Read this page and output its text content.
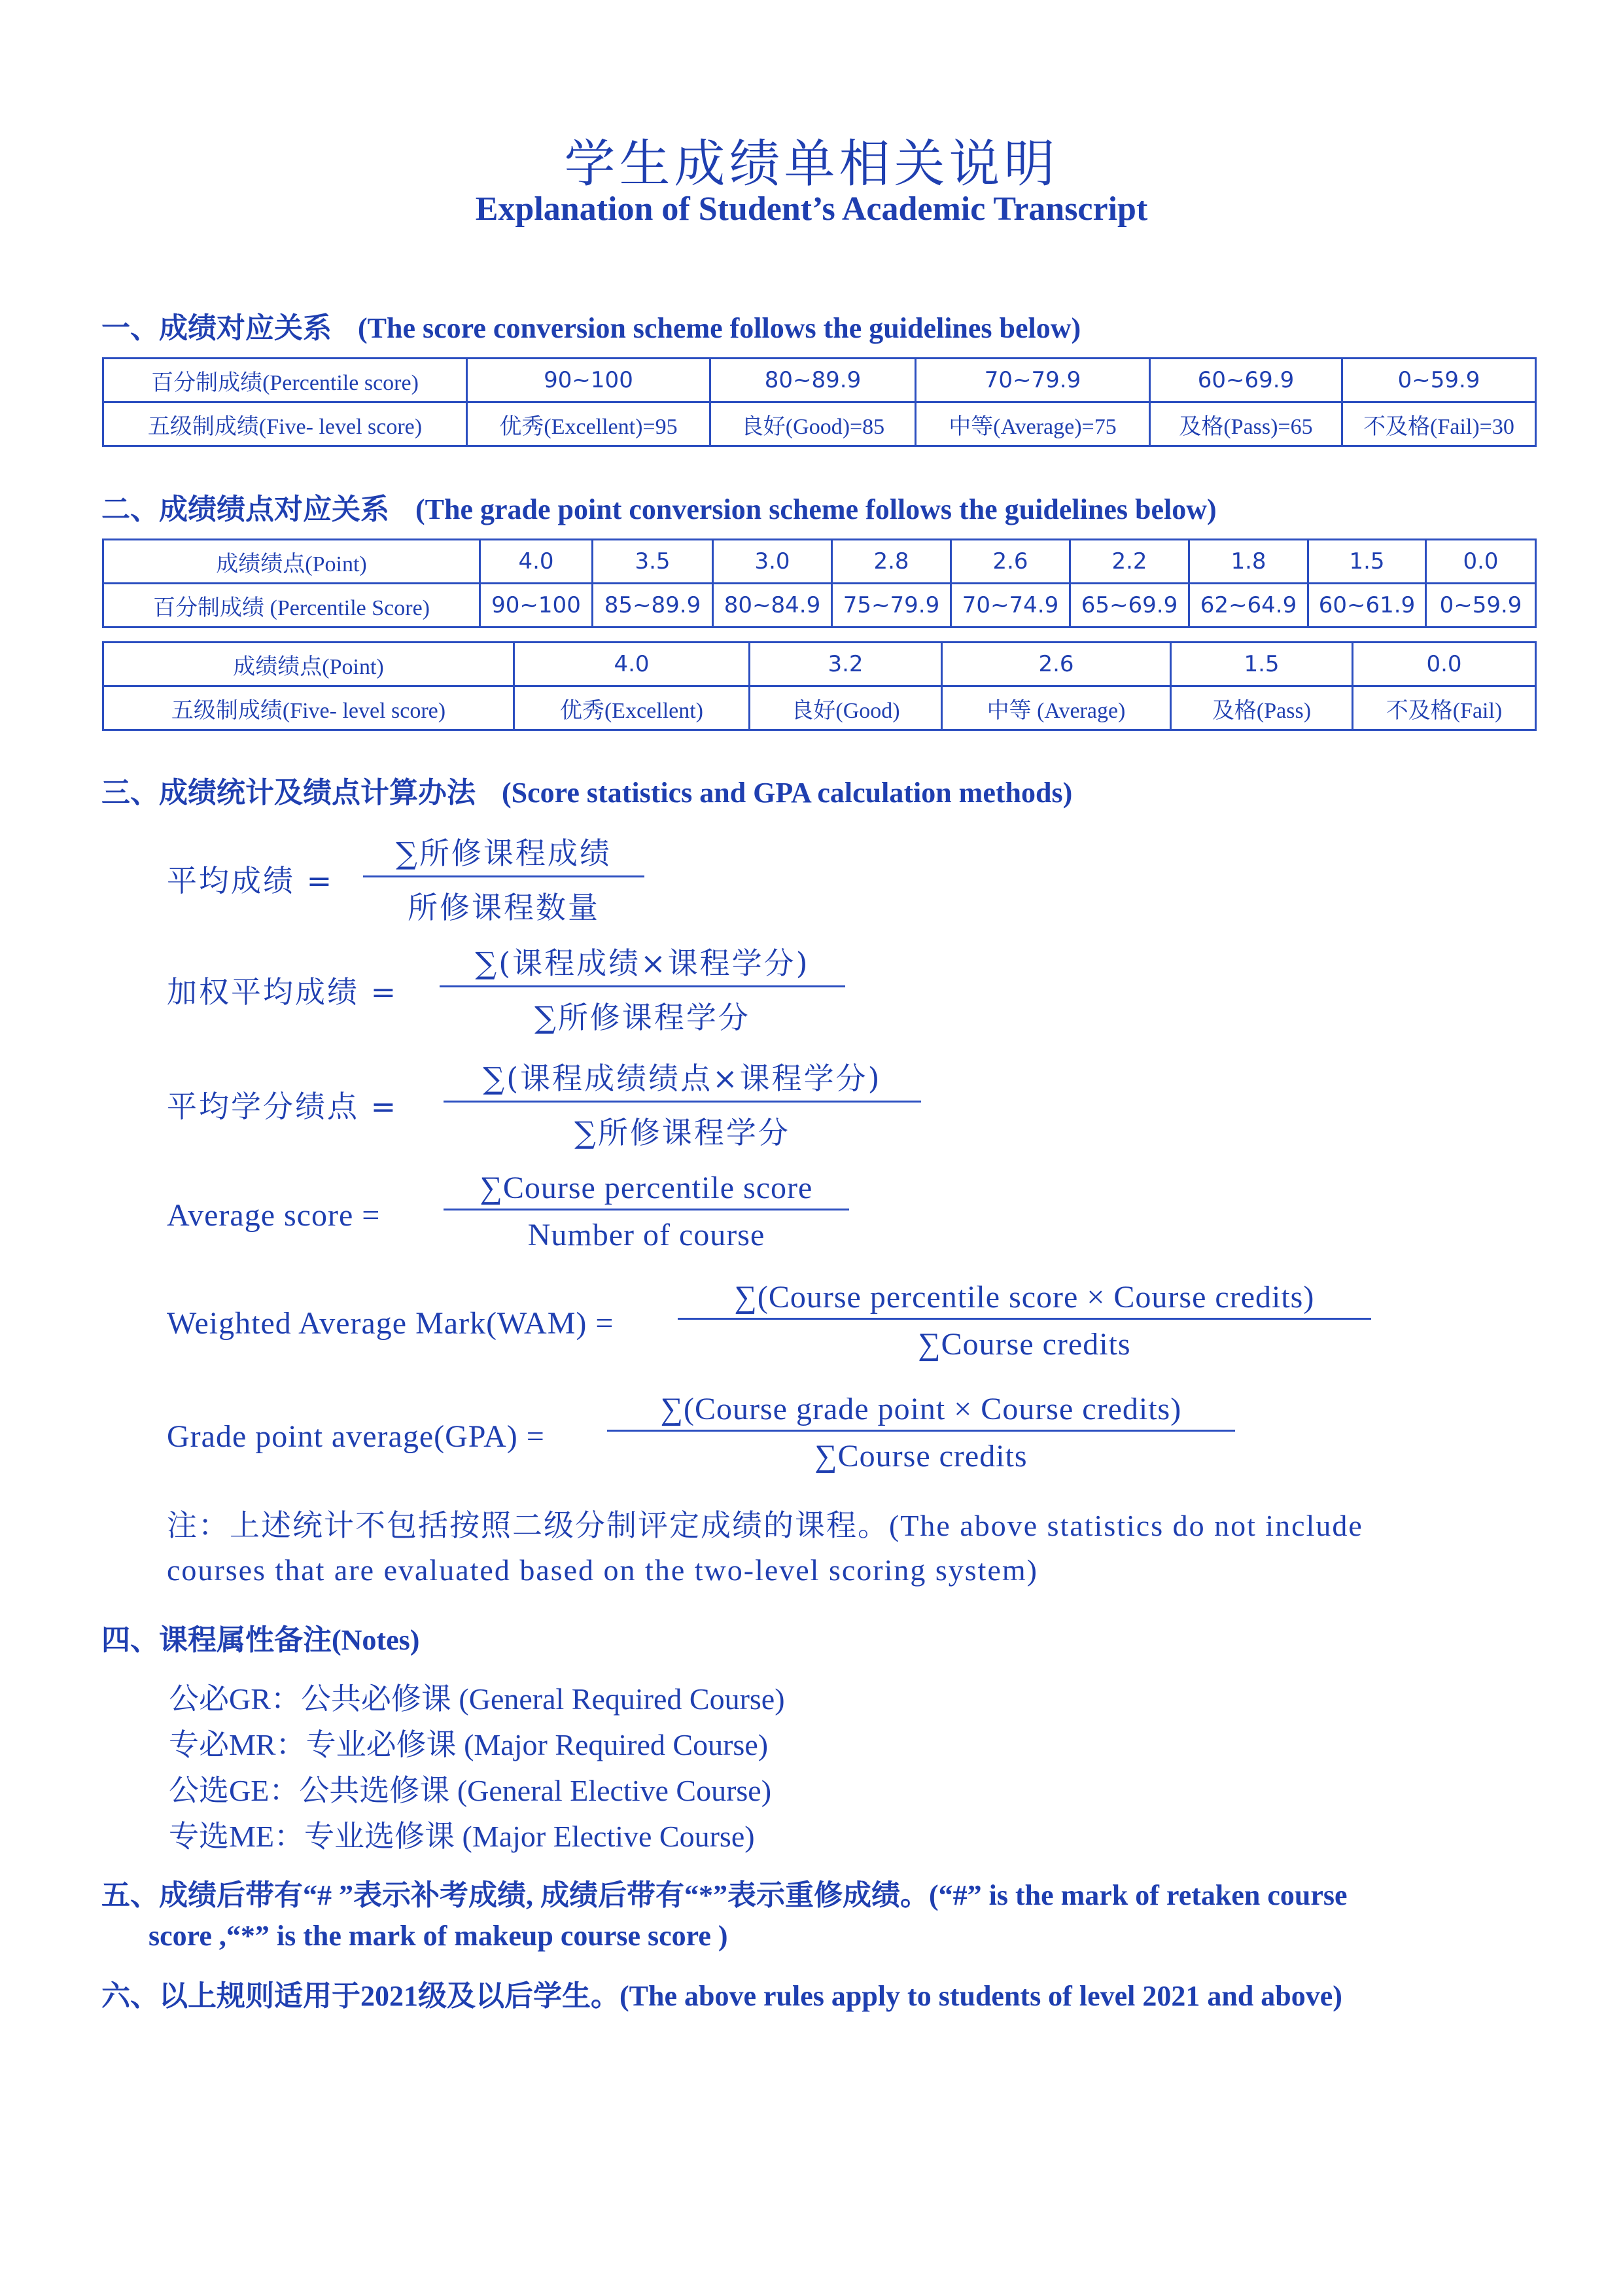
学生成绩单相关说明
Explanation of Student’s Academic Transcript
一、成绩对应关系 (The score conversion scheme follows the guidelines below)
百分制成绩(Percentile score)	90~100	80~89.9	70~79.9	60~69.9	0~59.9
五级制成绩(Five- level score)	优秀(Excellent)=95	良好(Good)=85	中等(Average)=75	及格(Pass)=65	不及格(Fail)=30
二、成绩绩点对应关系 (The grade point conversion scheme follows the guidelines below)
成绩绩点(Point)	4.0	3.5	3.0	2.8	2.6	2.2	1.8	1.5	0.0
百分制成绩 (Percentile Score)	90~100	85~89.9	80~84.9	75~79.9	70~74.9	65~69.9	62~64.9	60~61.9	0~59.9
成绩绩点(Point)	4.0	3.2	2.6	1.5	0.0
五级制成绩(Five- level score)	优秀(Excellent)	良好(Good)	中等 (Average)	及格(Pass)	不及格(Fail)
三、成绩统计及绩点计算办法 (Score statistics and GPA calculation methods)
平均成绩 =
∑所修课程成绩
所修课程数量
加权平均成绩 =
∑(课程成绩×课程学分)
∑所修课程学分
平均学分绩点 =
∑(课程成绩绩点×课程学分)
∑所修课程学分
Average score =
∑Course percentile score
Number of course
Weighted Average Mark(WAM) =
∑(Course percentile score × Course credits)
∑Course credits
Grade point average(GPA) =
∑(Course grade point × Course credits)
∑Course credits
注：上述统计不包括按照二级分制评定成绩的课程。(The above statistics do not include
courses that are evaluated based on the two-level scoring system)
四、课程属性备注(Notes)
公必GR：公共必修课 (General Required Course)
专必MR：专业必修课 (Major Required Course)
公选GE：公共选修课 (General Elective Course)
专选ME：专业选修课 (Major Elective Course)
五、成绩后带有“# ”表示补考成绩, 成绩后带有“*”表示重修成绩。(“#” is the mark of retaken course
score ,“*” is the mark of makeup course score )
六、以上规则适用于2021级及以后学生。(The above rules apply to students of level 2021 and above)
